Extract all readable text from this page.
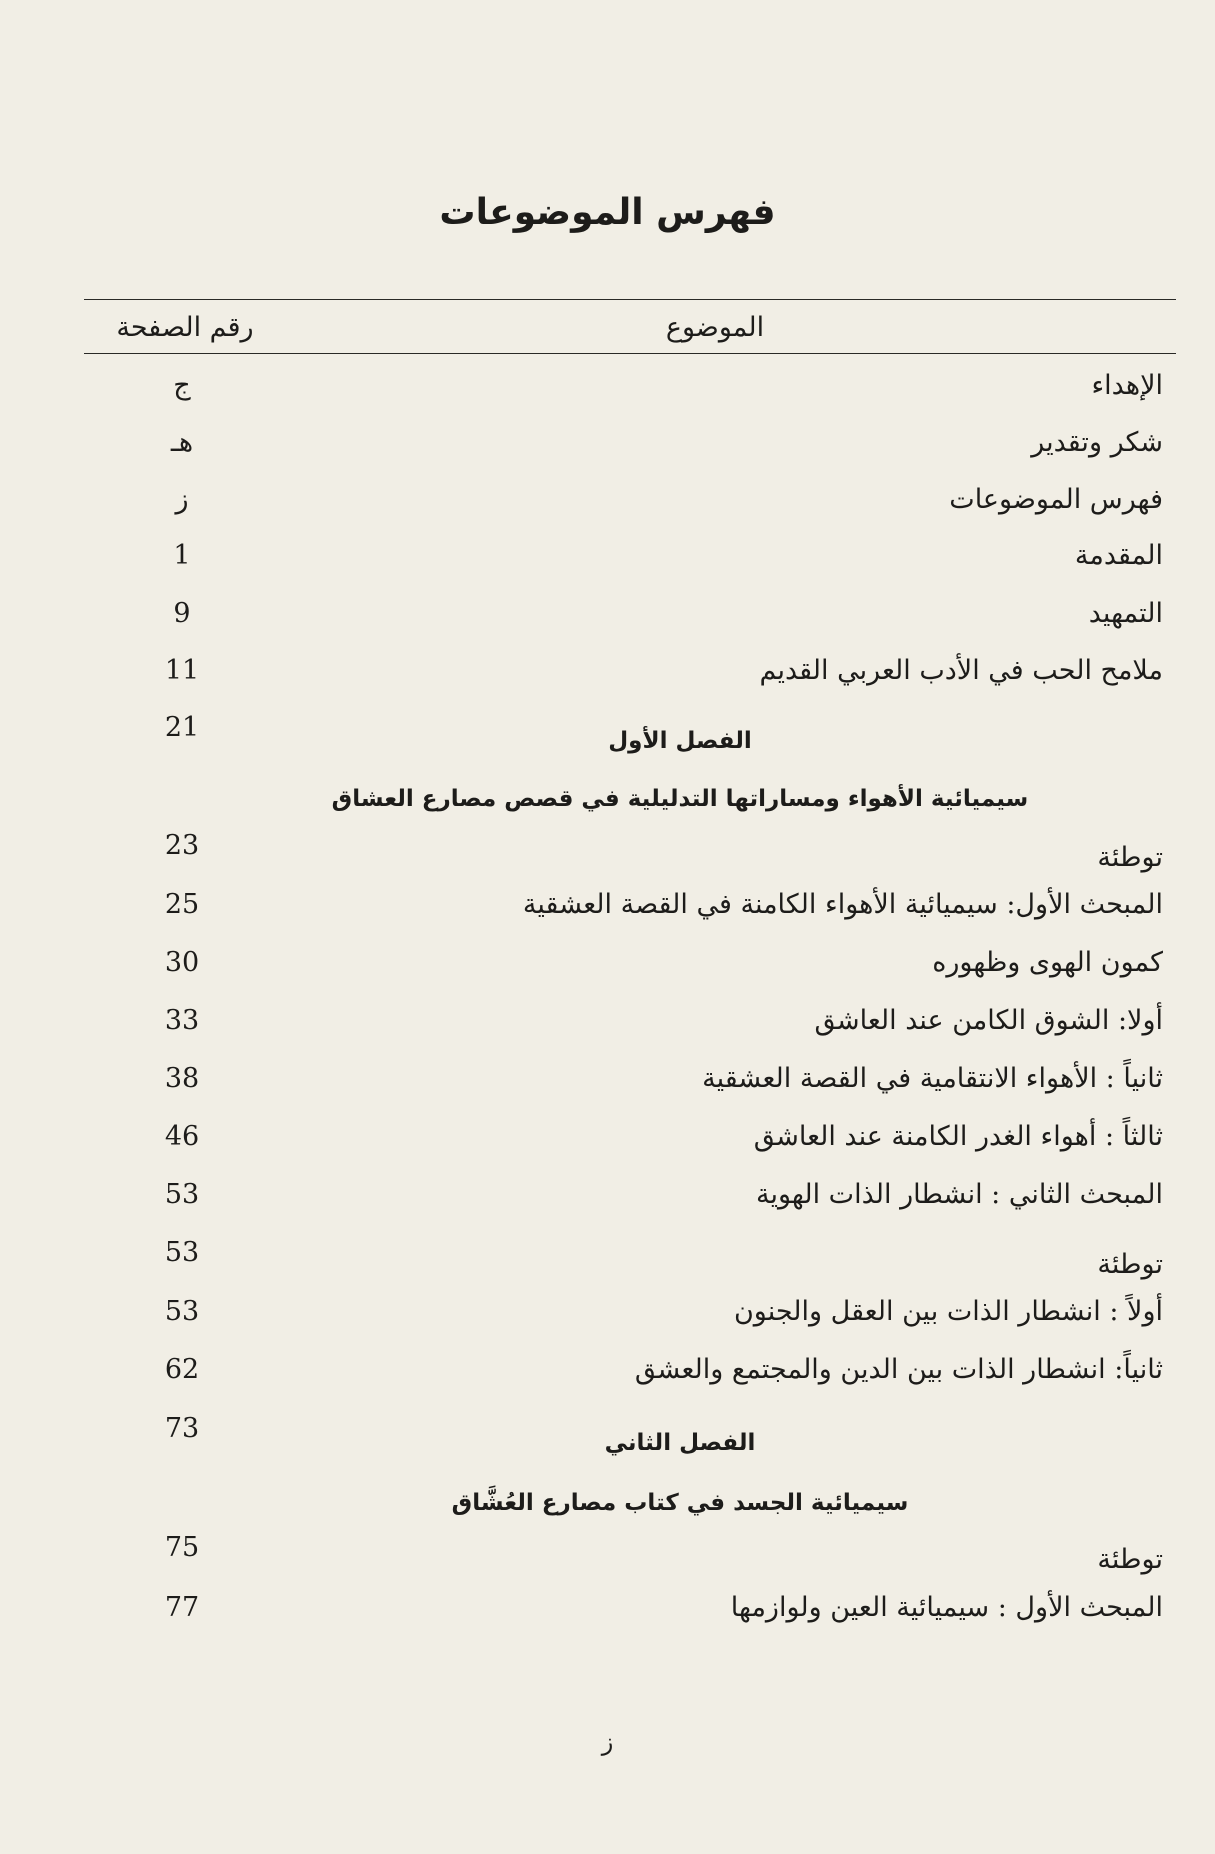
فهرس الموضوعات
الموضوع
رقم الصفحة
الإهداء
ج
شكر وتقدير
هـ
فهرس الموضوعات
ز
المقدمة
1
التمهيد
9
ملامح الحب في الأدب العربي القديم
11
21
توطئة
23
المبحث الأول: سيميائية الأهواء الكامنة في القصة العشقية
25
كمون الهوى وظهوره
30
أولا: الشوق الكامن عند العاشق
33
ثانياً : الأهواء الانتقامية في القصة العشقية
38
ثالثاً : أهواء الغدر الكامنة عند العاشق
46
المبحث الثاني : انشطار الذات الهوية
53
توطئة
53
أولاً : انشطار الذات بين العقل والجنون
53
ثانياً: انشطار الذات بين الدين والمجتمع والعشق
62
73
توطئة
75
المبحث الأول : سيميائية العين ولوازمها
77
الفصل الأول
سيميائية الأهواء ومساراتها التدليلية في قصص مصارع العشاق
الفصل الثاني
سيميائية الجسد في كتاب مصارع العُشَّاق
ز
